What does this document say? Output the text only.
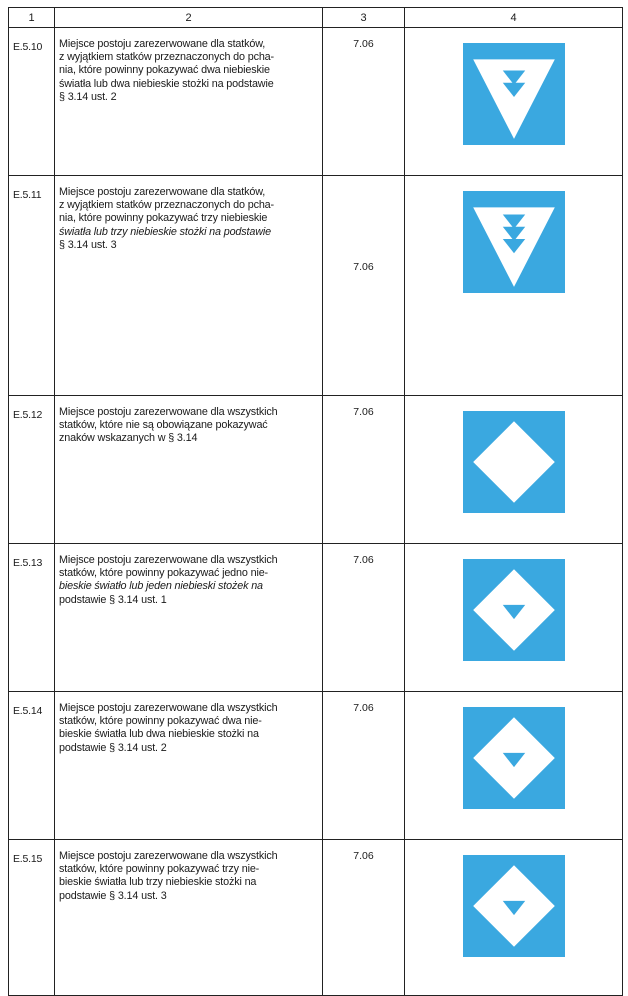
1	2	3	4
E.5.10	Miejsce postoju zarezerwowane dla statków,
z wyjątkiem statków przeznaczonych do pcha-
nia, które powinny pokazywać dwa niebieskie
światła lub dwa niebieskie stożki na podstawie
§ 3.14 ust. 2	7.06	

E.5.11	Miejsce postoju zarezerwowane dla statków,
z wyjątkiem statków przeznaczonych do pcha-
nia, które powinny pokazywać trzy niebieskie
światła lub trzy niebieskie stożki na podstawie
§ 3.14 ust. 3	7.06	

E.5.12	Miejsce postoju zarezerwowane dla wszystkich
statków, które nie są obowiązane pokazywać
znaków wskazanych w § 3.14	7.06	

E.5.13	Miejsce postoju zarezerwowane dla wszystkich
statków, które powinny pokazywać jedno nie-
bieskie światło lub jeden niebieski stożek na
podstawie § 3.14 ust. 1	7.06	

E.5.14	Miejsce postoju zarezerwowane dla wszystkich
statków, które powinny pokazywać dwa nie-
bieskie światła lub dwa niebieskie stożki na
podstawie § 3.14 ust. 2	7.06	

E.5.15	Miejsce postoju zarezerwowane dla wszystkich
statków, które powinny pokazywać trzy nie-
bieskie światła lub trzy niebieskie stożki na
podstawie § 3.14 ust. 3	7.06	
